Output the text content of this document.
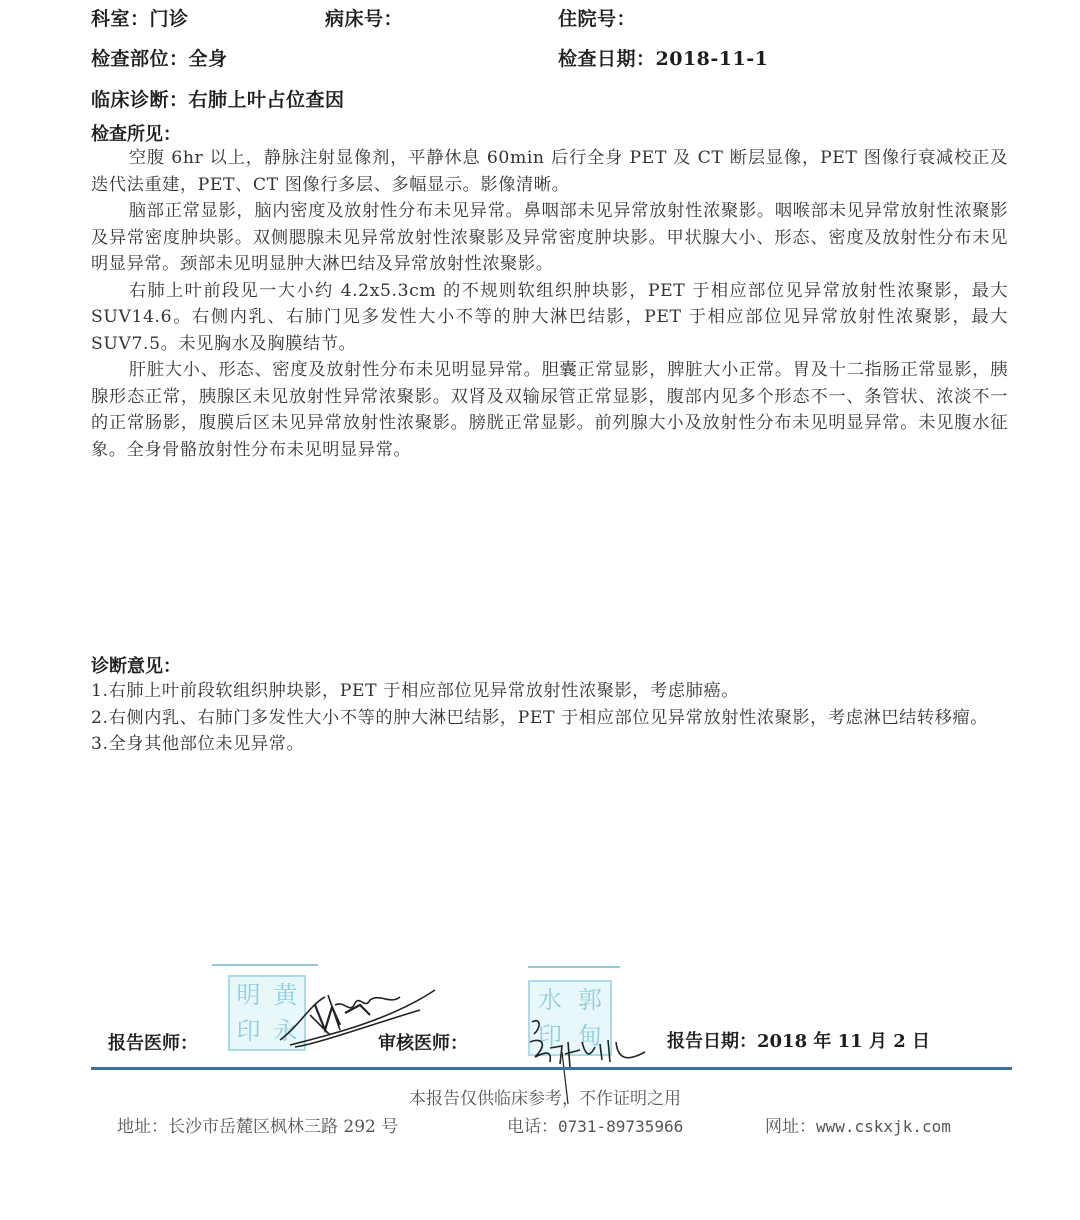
科室：门诊	病床号：	住院号：
检查部位：全身	检查日期：2018-11-1
临床诊断：右肺上叶占位查因
检查所见：

空腹 6hr 以上，静脉注射显像剂，平静休息 60min 后行全身 PET 及 CT 断层显像，PET 图像行衰减校正及迭代法重建，PET、CT 图像行多层、多幅显示。影像清晰。

脑部正常显影，脑内密度及放射性分布未见异常。鼻咽部未见异常放射性浓聚影。咽喉部未见异常放射性浓聚影及异常密度肿块影。双侧腮腺未见异常放射性浓聚影及异常密度肿块影。甲状腺大小、形态、密度及放射性分布未见明显异常。颈部未见明显肿大淋巴结及异常放射性浓聚影。

右肺上叶前段见一大小约 4.2x5.3cm 的不规则软组织肿块影，PET 于相应部位见异常放射性浓聚影，最大 SUV14.6。右侧内乳、右肺门见多发性大小不等的肿大淋巴结影，PET 于相应部位见异常放射性浓聚影，最大 SUV7.5。未见胸水及胸膜结节。

肝脏大小、形态、密度及放射性分布未见明显异常。胆囊正常显影，脾脏大小正常。胃及十二指肠正常显影，胰腺形态正常，胰腺区未见放射性异常浓聚影。双肾及双输尿管正常显影，腹部内见多个形态不一、条管状、浓淡不一的正常肠影，腹膜后区未见异常放射性浓聚影。膀胱正常显影。前列腺大小及放射性分布未见明显异常。未见腹水征象。全身骨骼放射性分布未见明显异常。

诊断意见：

1.右肺上叶前段软组织肿块影，PET 于相应部位见异常放射性浓聚影，考虑肺癌。

2.右侧内乳、右肺门多发性大小不等的肿大淋巴结影，PET 于相应部位见异常放射性浓聚影，考虑淋巴结转移瘤。

3.全身其他部位未见异常。

明 黄
印 永
报告医师：
水 郭
印 甸
审核医师：	报告日期：2018 年 11 月 2 日
本报告仅供临床参考，不作证明之用
地址：长沙市岳麓区枫林三路 292 号	电话：0731-89735966	网址：www.cskxjk.com
